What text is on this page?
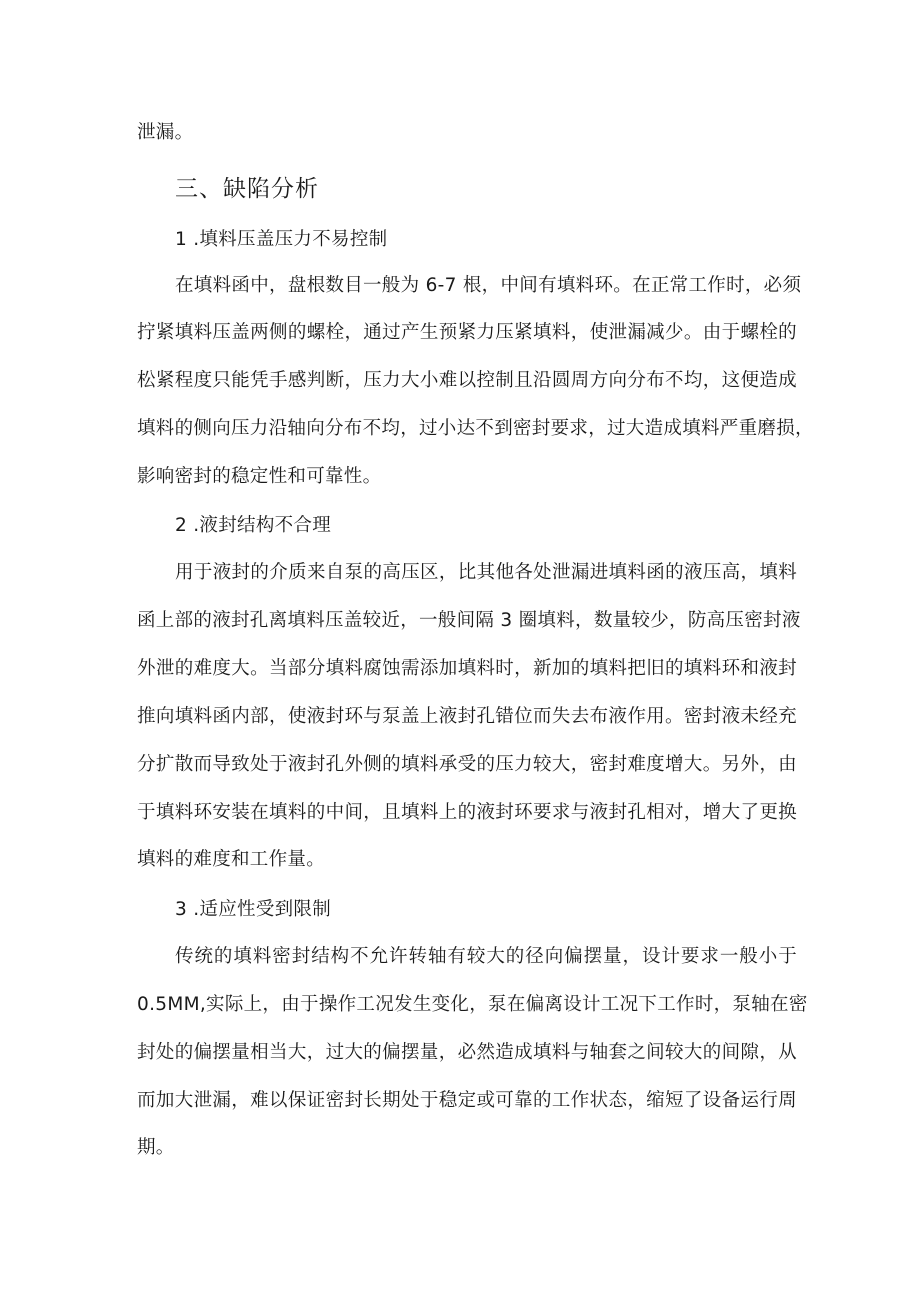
泄漏。
三、缺陷分析
1 .填料压盖压力不易控制
在填料函中，盘根数目一般为 6-7 根，中间有填料环。在正常工作时，必须
拧紧填料压盖两侧的螺栓，通过产生预紧力压紧填料，使泄漏减少。由于螺栓的
松紧程度只能凭手感判断，压力大小难以控制且沿圆周方向分布不均，这便造成
填料的侧向压力沿轴向分布不均，过小达不到密封要求，过大造成填料严重磨损，
影响密封的稳定性和可靠性。
2 .液封结构不合理
用于液封的介质来自泵的高压区，比其他各处泄漏进填料函的液压高，填料
函上部的液封孔离填料压盖较近，一般间隔 3 圈填料，数量较少，防高压密封液
外泄的难度大。当部分填料腐蚀需添加填料时，新加的填料把旧的填料环和液封
推向填料函内部，使液封环与泵盖上液封孔错位而失去布液作用。密封液未经充
分扩散而导致处于液封孔外侧的填料承受的压力较大，密封难度增大。另外，由
于填料环安装在填料的中间，且填料上的液封环要求与液封孔相对，增大了更换
填料的难度和工作量。
3 .适应性受到限制
传统的填料密封结构不允许转轴有较大的径向偏摆量，设计要求一般小于
0.5MM,实际上，由于操作工况发生变化，泵在偏离设计工况下工作时，泵轴在密
封处的偏摆量相当大，过大的偏摆量，必然造成填料与轴套之间较大的间隙，从
而加大泄漏，难以保证密封长期处于稳定或可靠的工作状态，缩短了设备运行周
期。
